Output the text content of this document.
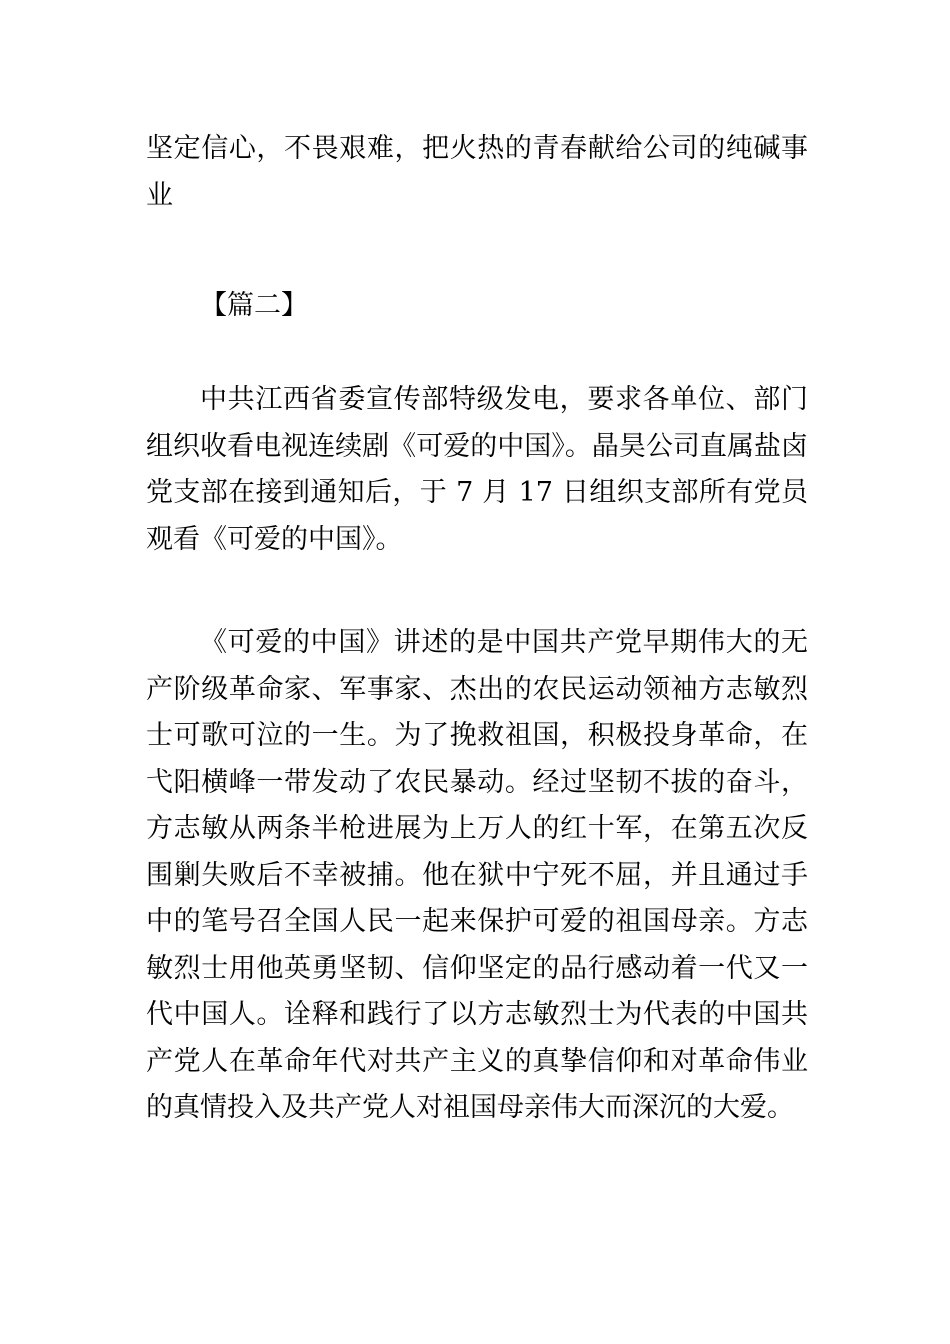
坚定信心，不畏艰难，把火热的青春献给公司的纯碱事业

【篇二】

中共江西省委宣传部特级发电，要求各单位、部门组织收看电视连续剧《可爱的中国》。晶昊公司直属盐卤党支部在接到通知后，于 7 月 17 日组织支部所有党员观看《可爱的中国》。

《可爱的中国》讲述的是中国共产党早期伟大的无产阶级革命家、军事家、杰出的农民运动领袖方志敏烈士可歌可泣的一生。为了挽救祖国，积极投身革命，在弋阳横峰一带发动了农民暴动。经过坚韧不拔的奋斗，方志敏从两条半枪进展为上万人的红十军，在第五次反围剿失败后不幸被捕。他在狱中宁死不屈，并且通过手中的笔号召全国人民一起来保护可爱的祖国母亲。方志敏烈士用他英勇坚韧、信仰坚定的品行感动着一代又一代中国人。诠释和践行了以方志敏烈士为代表的中国共产党人在革命年代对共产主义的真挚信仰和对革命伟业的真情投入及共产党人对祖国母亲伟大而深沉的大爱。
